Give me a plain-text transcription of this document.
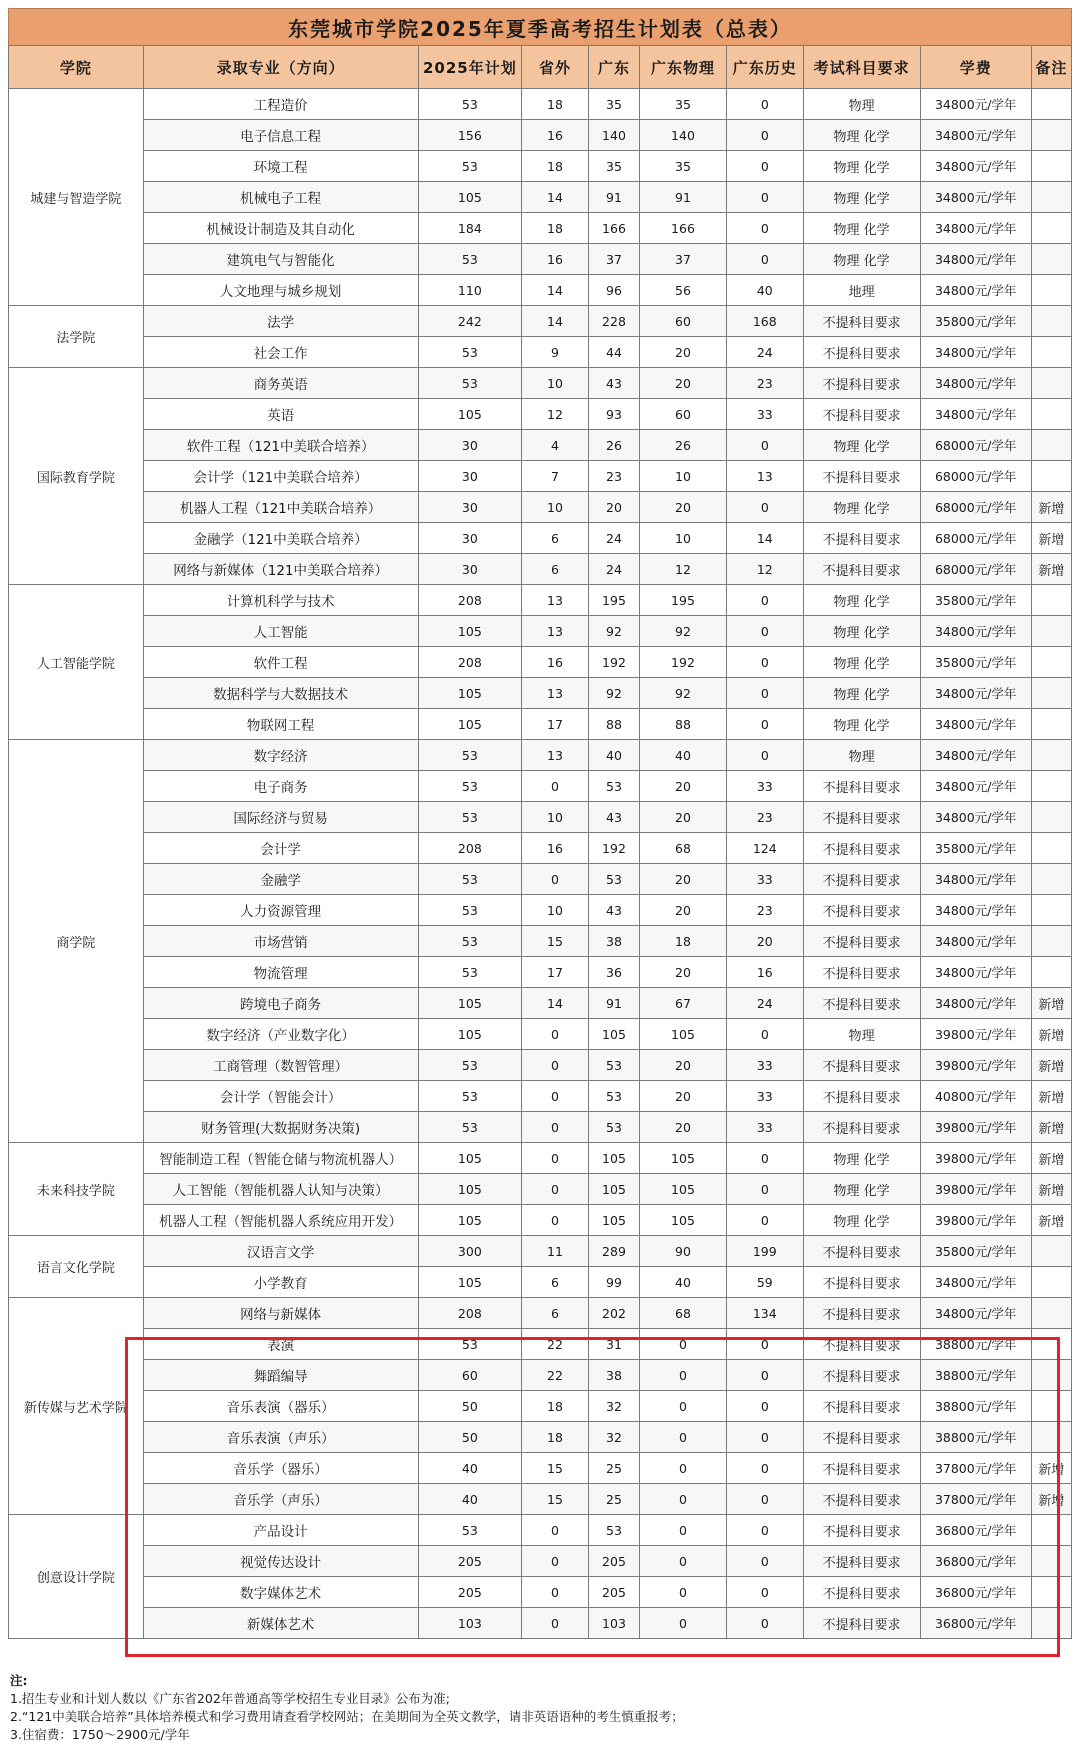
东莞城市学院2025年夏季高考招生计划表（总表）
学院	录取专业（方向）	2025年计划	省外	广东	广东物理	广东历史	考试科目要求	学费	备注
城建与智造学院	工程造价	53	18	35	35	0	物理	34800元/学年	
	电子信息工程	156	16	140	140	0	物理 化学	34800元/学年	
	环境工程	53	18	35	35	0	物理 化学	34800元/学年	
	机械电子工程	105	14	91	91	0	物理 化学	34800元/学年	
	机械设计制造及其自动化	184	18	166	166	0	物理 化学	34800元/学年	
	建筑电气与智能化	53	16	37	37	0	物理 化学	34800元/学年	
	人文地理与城乡规划	110	14	96	56	40	地理	34800元/学年	
法学院	法学	242	14	228	60	168	不提科目要求	35800元/学年	
	社会工作	53	9	44	20	24	不提科目要求	34800元/学年	
国际教育学院	商务英语	53	10	43	20	23	不提科目要求	34800元/学年	
	英语	105	12	93	60	33	不提科目要求	34800元/学年	
	软件工程（121中美联合培养）	30	4	26	26	0	物理 化学	68000元/学年	
	会计学（121中美联合培养）	30	7	23	10	13	不提科目要求	68000元/学年	
	机器人工程（121中美联合培养）	30	10	20	20	0	物理 化学	68000元/学年	新增
	金融学（121中美联合培养）	30	6	24	10	14	不提科目要求	68000元/学年	新增
	网络与新媒体（121中美联合培养）	30	6	24	12	12	不提科目要求	68000元/学年	新增
人工智能学院	计算机科学与技术	208	13	195	195	0	物理 化学	35800元/学年	
	人工智能	105	13	92	92	0	物理 化学	34800元/学年	
	软件工程	208	16	192	192	0	物理 化学	35800元/学年	
	数据科学与大数据技术	105	13	92	92	0	物理 化学	34800元/学年	
	物联网工程	105	17	88	88	0	物理 化学	34800元/学年	
商学院	数字经济	53	13	40	40	0	物理	34800元/学年	
	电子商务	53	0	53	20	33	不提科目要求	34800元/学年	
	国际经济与贸易	53	10	43	20	23	不提科目要求	34800元/学年	
	会计学	208	16	192	68	124	不提科目要求	35800元/学年	
	金融学	53	0	53	20	33	不提科目要求	34800元/学年	
	人力资源管理	53	10	43	20	23	不提科目要求	34800元/学年	
	市场营销	53	15	38	18	20	不提科目要求	34800元/学年	
	物流管理	53	17	36	20	16	不提科目要求	34800元/学年	
	跨境电子商务	105	14	91	67	24	不提科目要求	34800元/学年	新增
	数字经济（产业数字化）	105	0	105	105	0	物理	39800元/学年	新增
	工商管理（数智管理）	53	0	53	20	33	不提科目要求	39800元/学年	新增
	会计学（智能会计）	53	0	53	20	33	不提科目要求	40800元/学年	新增
	财务管理(大数据财务决策)	53	0	53	20	33	不提科目要求	39800元/学年	新增
未来科技学院	智能制造工程（智能仓储与物流机器人）	105	0	105	105	0	物理 化学	39800元/学年	新增
	人工智能（智能机器人认知与决策）	105	0	105	105	0	物理 化学	39800元/学年	新增
	机器人工程（智能机器人系统应用开发）	105	0	105	105	0	物理 化学	39800元/学年	新增
语言文化学院	汉语言文学	300	11	289	90	199	不提科目要求	35800元/学年	
	小学教育	105	6	99	40	59	不提科目要求	34800元/学年	
新传媒与艺术学院	网络与新媒体	208	6	202	68	134	不提科目要求	34800元/学年	
	表演	53	22	31	0	0	不提科目要求	38800元/学年	
	舞蹈编导	60	22	38	0	0	不提科目要求	38800元/学年	
	音乐表演（器乐）	50	18	32	0	0	不提科目要求	38800元/学年	
	音乐表演（声乐）	50	18	32	0	0	不提科目要求	38800元/学年	
	音乐学（器乐）	40	15	25	0	0	不提科目要求	37800元/学年	新增
	音乐学（声乐）	40	15	25	0	0	不提科目要求	37800元/学年	新增
创意设计学院	产品设计	53	0	53	0	0	不提科目要求	36800元/学年	
	视觉传达设计	205	0	205	0	0	不提科目要求	36800元/学年	
	数字媒体艺术	205	0	205	0	0	不提科目要求	36800元/学年	
	新媒体艺术	103	0	103	0	0	不提科目要求	36800元/学年	
注:
1.招生专业和计划人数以《广东省202年普通高等学校招生专业目录》公布为准;
2.“121中美联合培养”具体培养模式和学习费用请查看学校网站；在美期间为全英文教学，请非英语语种的考生慎重报考；
3.住宿费：1750～2900元/学年
